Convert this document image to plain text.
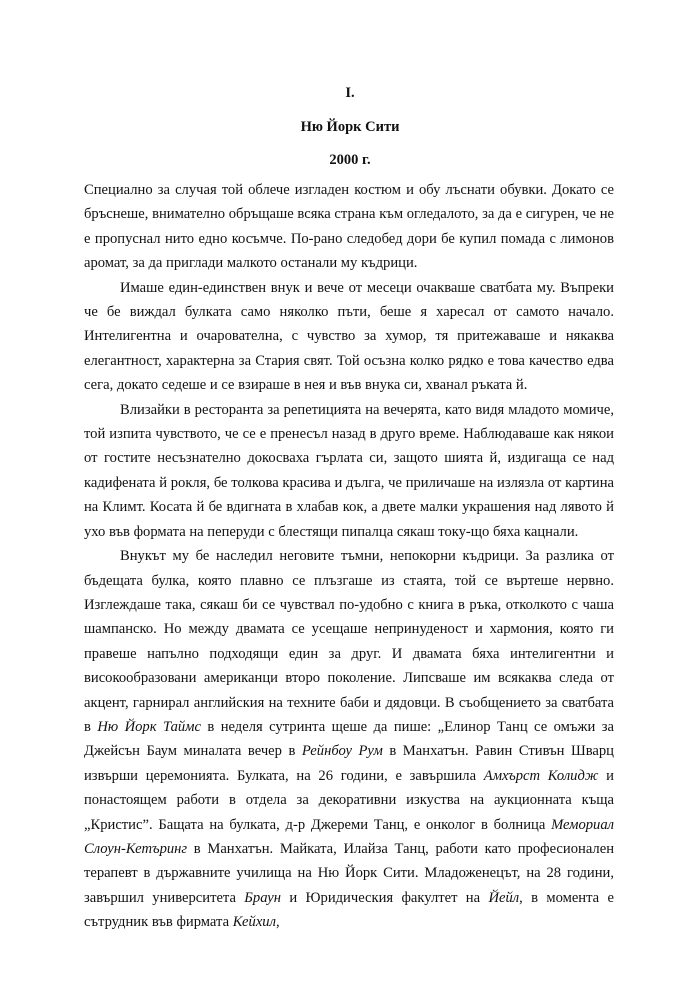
I.
Ню Йорк Сити
2000 г.

Специално за случая той облече изгладен костюм и обу лъснати обувки. Докато се бръснеше, внимателно обръщаше всяка страна към огледалото, за да е сигурен, че не е пропуснал нито едно косъмче. По-рано следобед дори бе купил помада с лимонов аромат, за да приглади малкото останали му къдрици.

Имаше един-единствен внук и вече от месеци очакваше сватбата му. Въпреки че бе виждал булката само няколко пъти, беше я харесал от самото начало. Интелигентна и очарователна, с чувство за хумор, тя притежаваше и някаква елегантност, характерна за Стария свят. Той осъзна колко рядко е това качество едва сега, докато седеше и се взираше в нея и във внука си, хванал ръката й.

Влизайки в ресторанта за репетицията на вечерята, като видя младото момиче, той изпита чувството, че се е пренесъл назад в друго време. Наблюдаваше как някои от гостите несъзнателно докосваха гърлата си, защото шията й, издигаща се над кадифената й рокля, бе толкова красива и дълга, че приличаше на излязла от картина на Климт. Косата й бе вдигната в хлабав кок, а двете малки украшения над лявото й ухо във формата на пеперуди с блестящи пипалца сякаш току-що бяха кацнали.

Внукът му бе наследил неговите тъмни, непокорни къдрици. За разлика от бъдещата булка, която плавно се плъзгаше из стаята, той се въртеше нервно. Изглеждаше така, сякаш би се чувствал по-удобно с книга в ръка, отколкото с чаша шампанско. Но между двамата се усещаше непринуденост и хармония, която ги правеше напълно подходящи един за друг. И двамата бяха интелигентни и високообразовани американци второ поколение. Липсваше им всякаква следа от акцент, гарнирал английския на техните баби и дядовци. В съобщението за сватбата в Ню Йорк Таймс в неделя сутринта щеше да пише: „Елинор Танц се омъжи за Джейсън Баум миналата вечер в Рейнбоу Рум в Манхатън. Равин Стивън Шварц извърши церемонията. Булката, на 26 години, е завършила Амхърст Колидж и понастоящем работи в отдела за декоративни изкуства на аукционната къща „Кристис”. Бащата на булката, д-р Джереми Танц, е онколог в болница Мемориал Слоун-Кетъринг в Манхатън. Майката, Илайза Танц, работи като професионален терапевт в държавните училища на Ню Йорк Сити. Младоженецът, на 28 години, завършил университета Браун и Юридическия факултет на Йейл, в момента е сътрудник във фирмата Кейхил,
